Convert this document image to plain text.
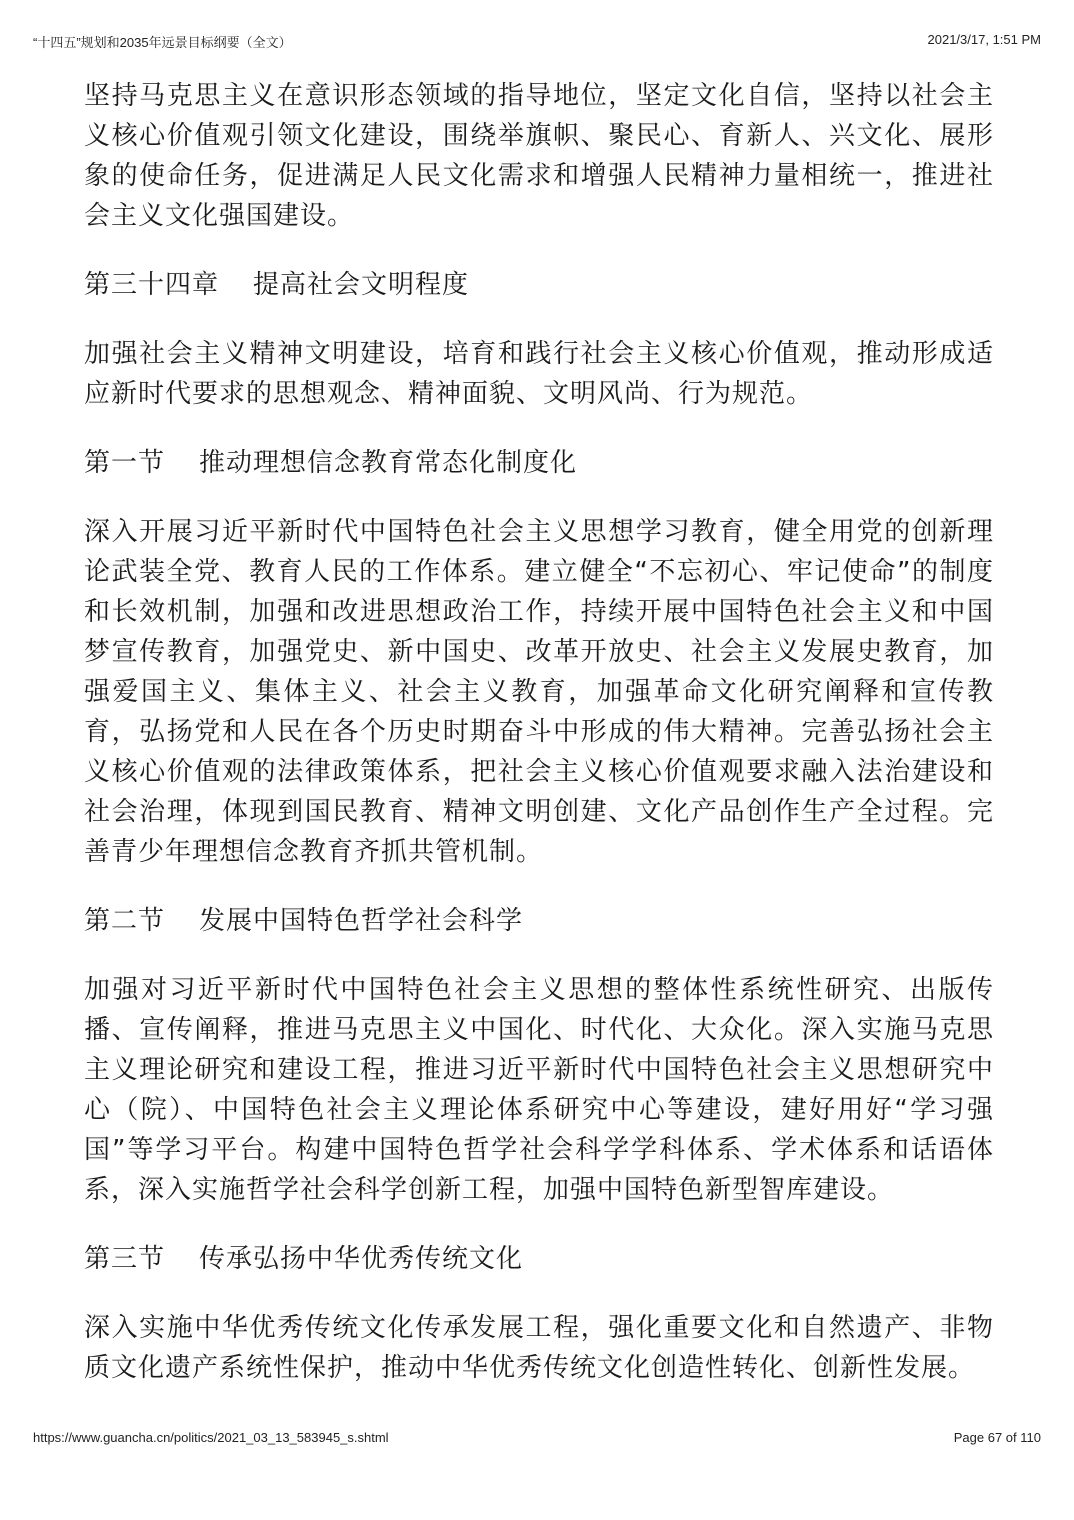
“十四五”规划和2035年远景目标纲要（全文）	2021/3/17, 1:51 PM

坚持马克思主义在意识形态领域的指导地位，坚定文化自信，坚持以社会主义核心价值观引领文化建设，围绕举旗帜、聚民心、育新人、兴文化、展形象的使命任务，促进满足人民文化需求和增强人民精神力量相统一，推进社会主义文化强国建设。

第三十四章 提高社会文明程度

加强社会主义精神文明建设，培育和践行社会主义核心价值观，推动形成适应新时代要求的思想观念、精神面貌、文明风尚、行为规范。

第一节 推动理想信念教育常态化制度化

深入开展习近平新时代中国特色社会主义思想学习教育，健全用党的创新理论武装全党、教育人民的工作体系。建立健全“不忘初心、牢记使命”的制度和长效机制，加强和改进思想政治工作，持续开展中国特色社会主义和中国梦宣传教育，加强党史、新中国史、改革开放史、社会主义发展史教育，加强爱国主义、集体主义、社会主义教育，加强革命文化研究阐释和宣传教育，弘扬党和人民在各个历史时期奋斗中形成的伟大精神。完善弘扬社会主义核心价值观的法律政策体系，把社会主义核心价值观要求融入法治建设和社会治理，体现到国民教育、精神文明创建、文化产品创作生产全过程。完善青少年理想信念教育齐抓共管机制。

第二节 发展中国特色哲学社会科学

加强对习近平新时代中国特色社会主义思想的整体性系统性研究、出版传播、宣传阐释，推进马克思主义中国化、时代化、大众化。深入实施马克思主义理论研究和建设工程，推进习近平新时代中国特色社会主义思想研究中心（院）、中国特色社会主义理论体系研究中心等建设，建好用好“学习强国”等学习平台。构建中国特色哲学社会科学学科体系、学术体系和话语体系，深入实施哲学社会科学创新工程，加强中国特色新型智库建设。

第三节 传承弘扬中华优秀传统文化

深入实施中华优秀传统文化传承发展工程，强化重要文化和自然遗产、非物质文化遗产系统性保护，推动中华优秀传统文化创造性转化、创新性发展。

https://www.guancha.cn/politics/2021_03_13_583945_s.shtml	Page 67 of 110
